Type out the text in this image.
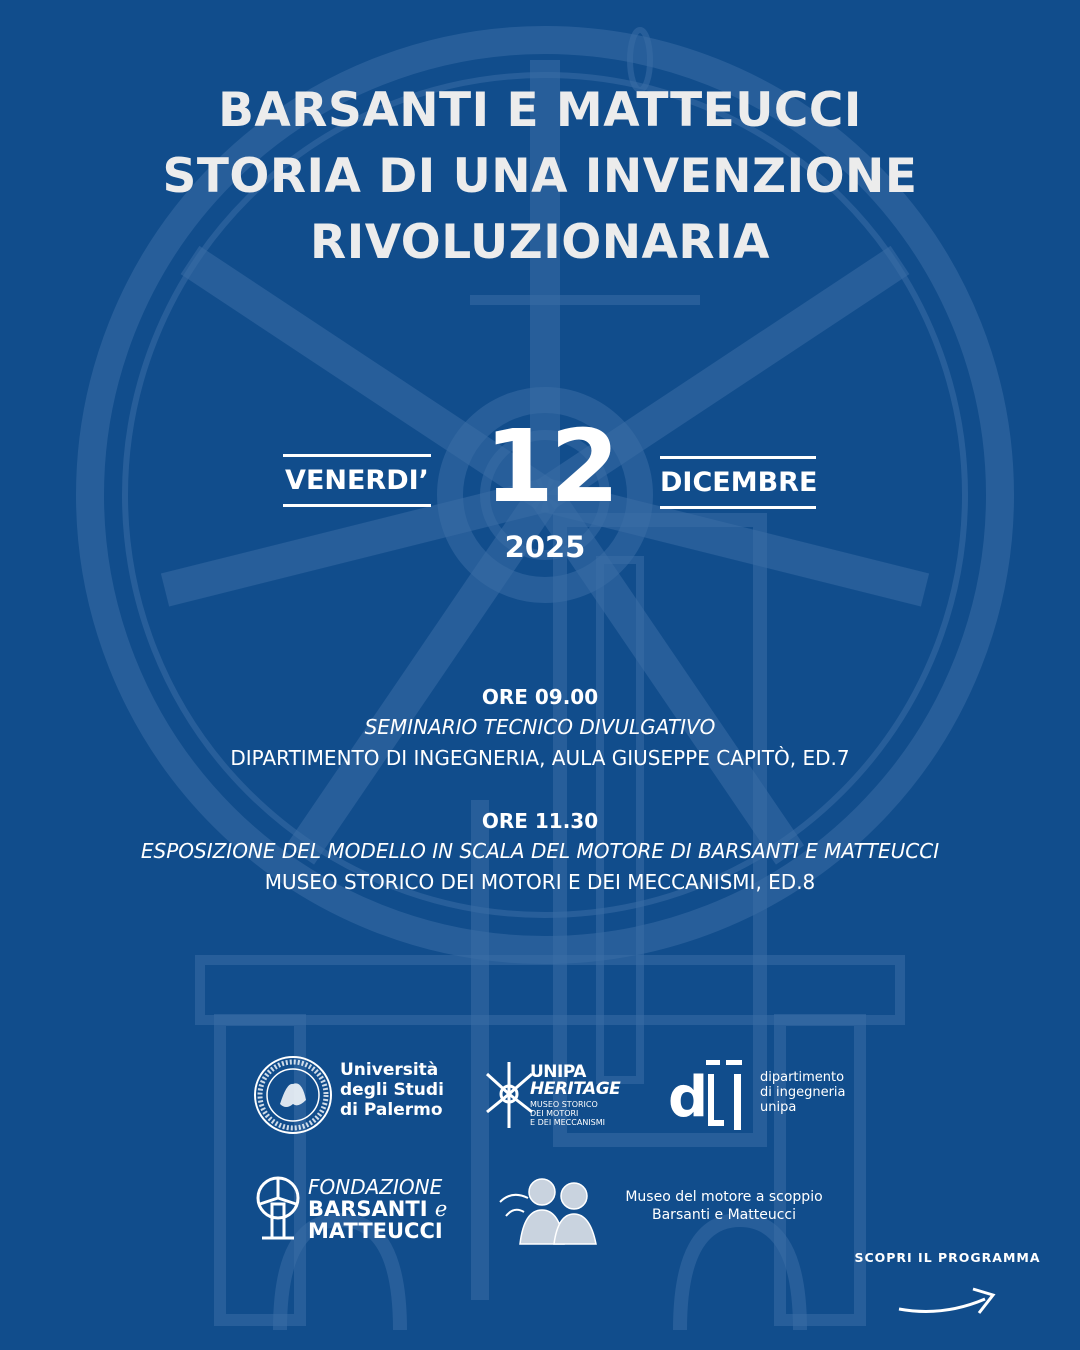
BARSANTI E MATTEUCCI
STORIA DI UNA INVENZIONE
RIVOLUZIONARIA
VENERDI’ 12 DICEMBRE
2025
ORE 09.00
SEMINARIO TECNICO DIVULGATIVO
DIPARTIMENTO DI INGEGNERIA, AULA GIUSEPPE CAPITÒ, ED.7
ORE 11.30
ESPOSIZIONE DEL MODELLO IN SCALA DEL MOTORE DI BARSANTI E MATTEUCCI
MUSEO STORICO DEI MOTORI E DEI MECCANISMI, ED.8
Università
degli Studi
di Palermo
UNIPA
HERITAGE
MUSEO STORICO
DEI MOTORI
E DEI MECCANISMI d	dipartimento
di ingegneria
unipa
FONDAZIONE
BARSANTI e
MATTEUCCI
Museo del motore a scoppio
Barsanti e Matteucci
SCOPRI IL PROGRAMMA
